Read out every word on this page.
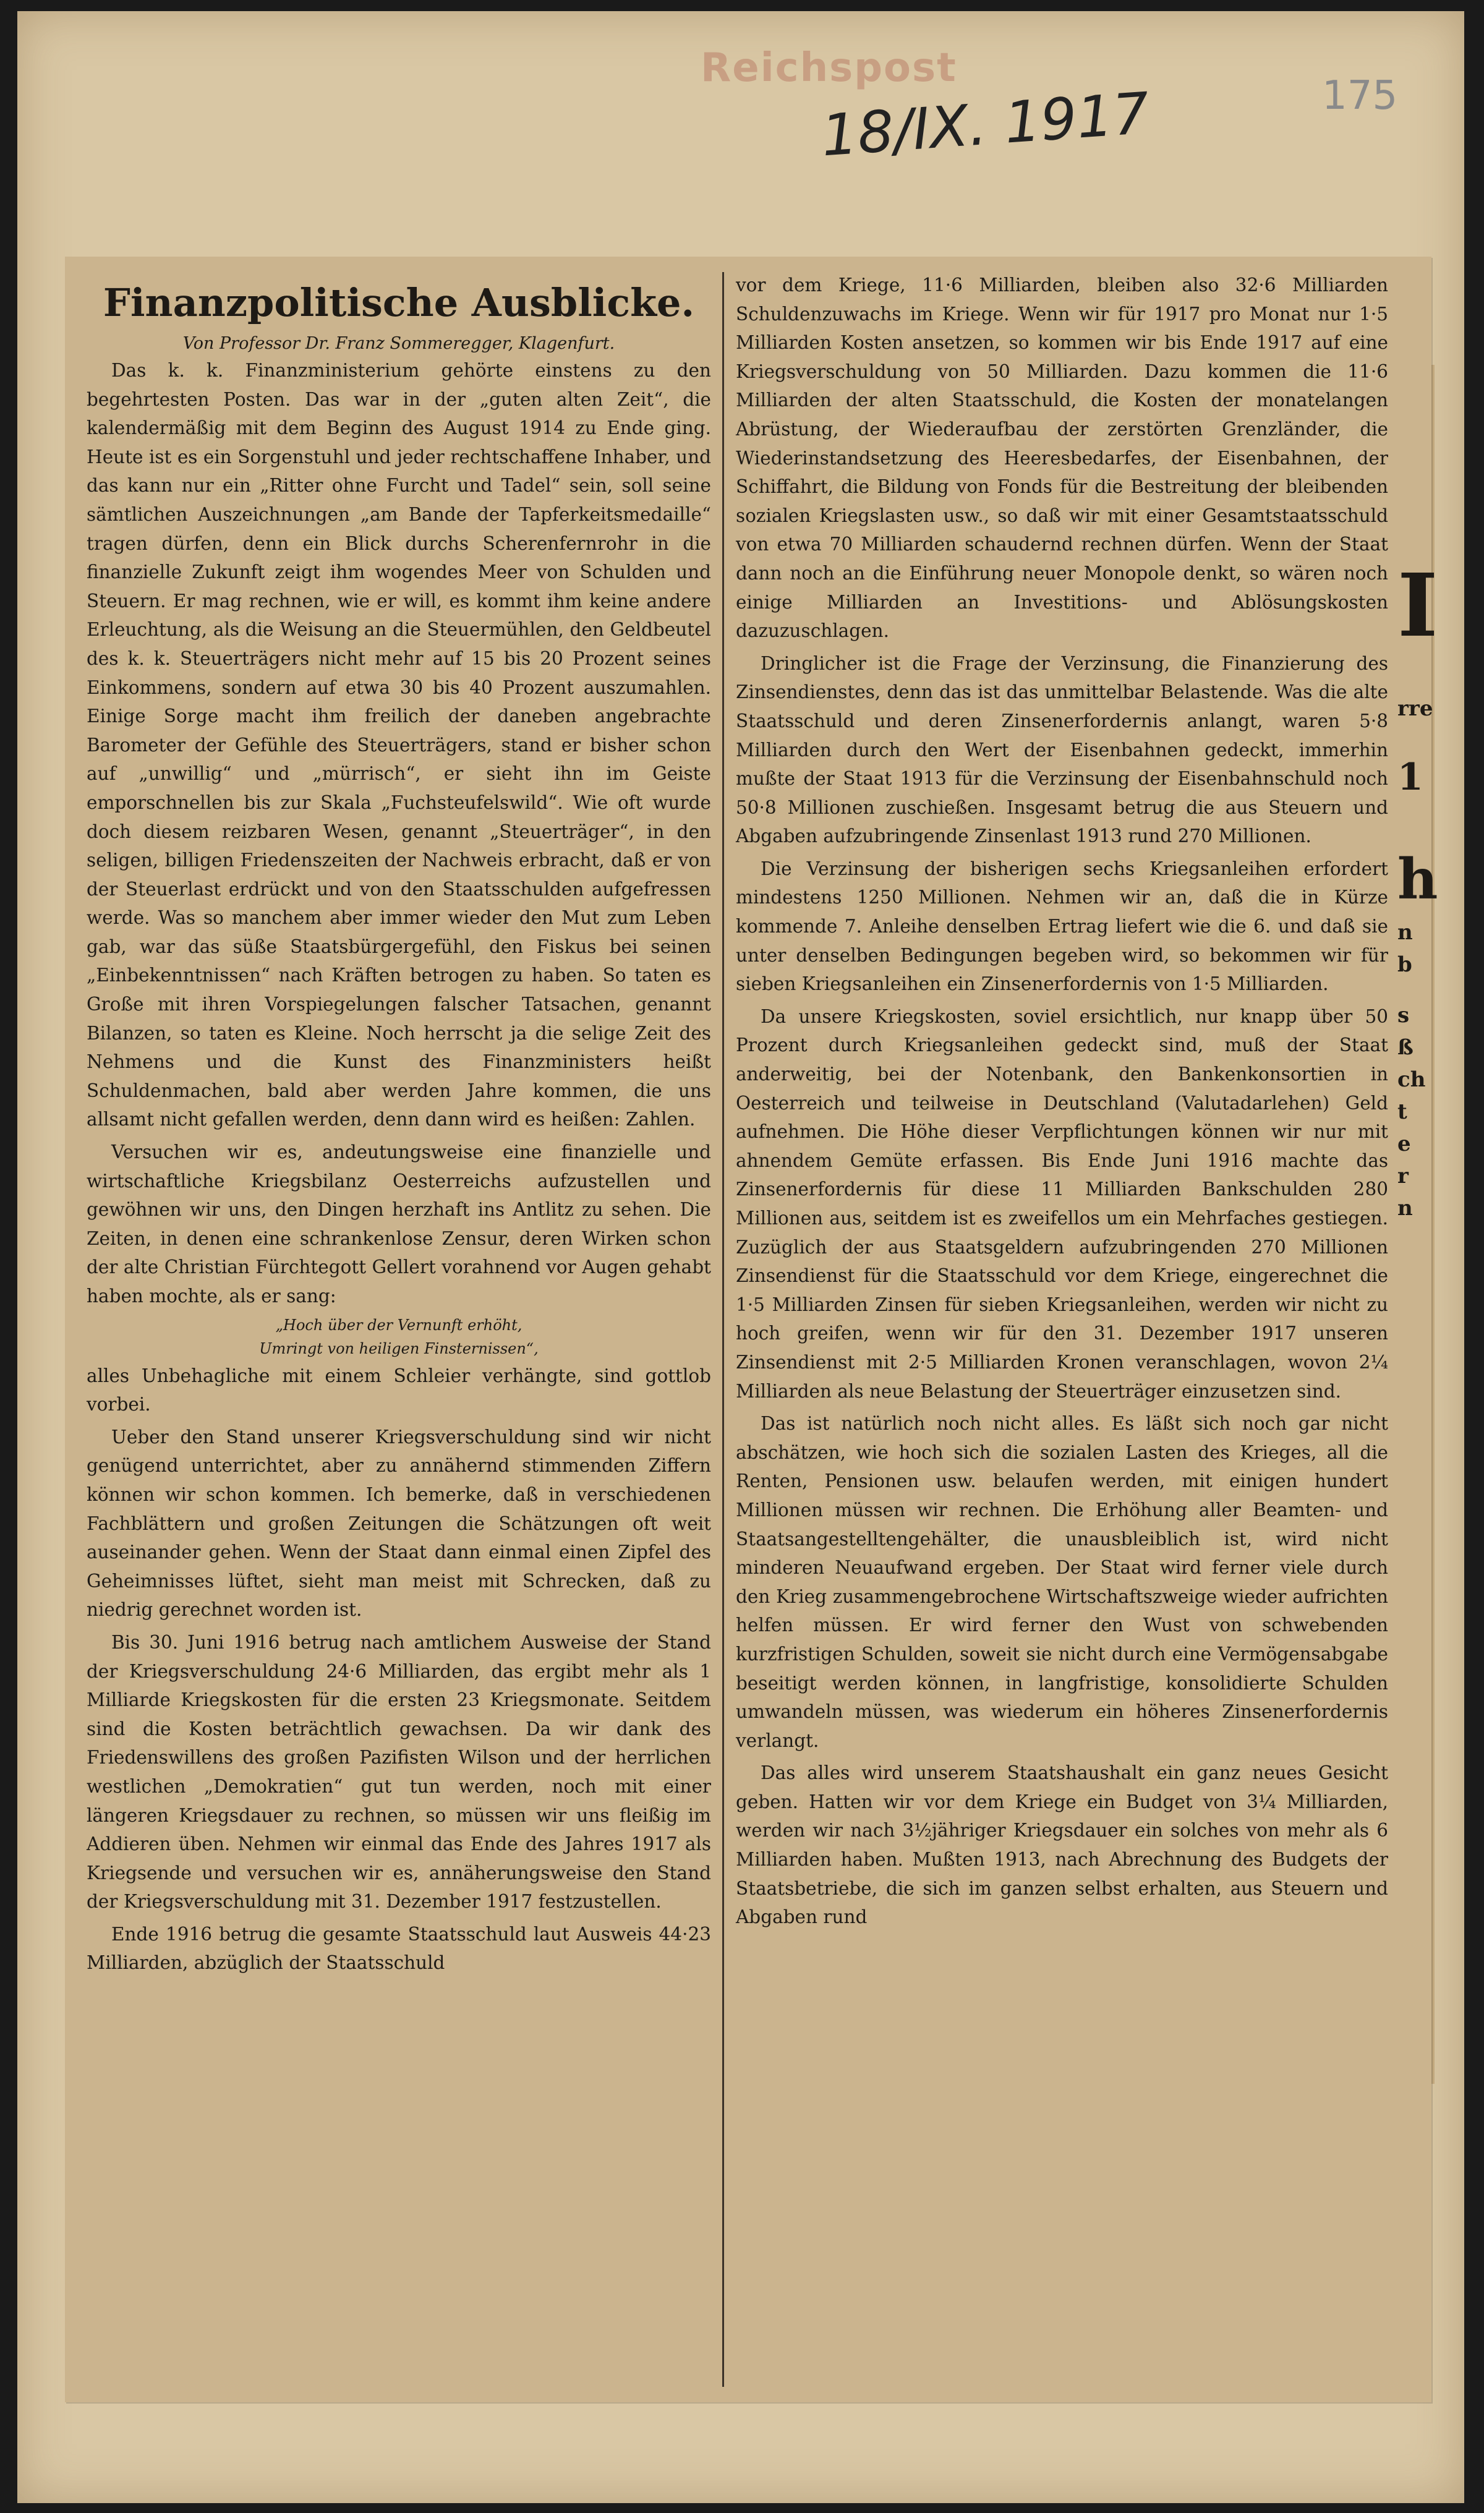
Reichspost
18/IX. 1917	175
Finanzpolitische Ausblicke.
Von Professor Dr. Franz Sommeregger, Klagenfurt.

Das k. k. Finanzministerium gehörte einstens zu den begehrtesten Posten. Das war in der „guten alten Zeit“, die kalendermäßig mit dem Beginn des August 1914 zu Ende ging. Heute ist es ein Sorgenstuhl und jeder rechtschaffene Inhaber, und das kann nur ein „Ritter ohne Furcht und Tadel“ sein, soll seine sämtlichen Auszeichnungen „am Bande der Tapferkeitsmedaille“ tragen dürfen, denn ein Blick durchs Scherenfernrohr in die finanzielle Zukunft zeigt ihm wogendes Meer von Schulden und Steuern. Er mag rechnen, wie er will, es kommt ihm keine andere Erleuchtung, als die Weisung an die Steuermühlen, den Geldbeutel des k. k. Steuerträgers nicht mehr auf 15 bis 20 Prozent seines Einkommens, sondern auf etwa 30 bis 40 Prozent auszumahlen. Einige Sorge macht ihm freilich der daneben angebrachte Barometer der Gefühle des Steuerträgers, stand er bisher schon auf „unwillig“ und „mürrisch“, er sieht ihn im Geiste emporschnellen bis zur Skala „Fuchsteufelswild“. Wie oft wurde doch diesem reizbaren Wesen, genannt „Steuerträger“, in den seligen, billigen Friedenszeiten der Nachweis erbracht, daß er von der Steuerlast erdrückt und von den Staatsschulden aufgefressen werde. Was so manchem aber immer wieder den Mut zum Leben gab, war das süße Staatsbürgergefühl, den Fiskus bei seinen „Einbekenntnissen“ nach Kräften betrogen zu haben. So taten es Große mit ihren Vorspiegelungen falscher Tatsachen, genannt Bilanzen, so taten es Kleine. Noch herrscht ja die selige Zeit des Nehmens und die Kunst des Finanzministers heißt Schuldenmachen, bald aber werden Jahre kommen, die uns allsamt nicht gefallen werden, denn dann wird es heißen: Zahlen.

Versuchen wir es, andeutungsweise eine finanzielle und wirtschaftliche Kriegsbilanz Oesterreichs aufzustellen und gewöhnen wir uns, den Dingen herzhaft ins Antlitz zu sehen. Die Zeiten, in denen eine schrankenlose Zensur, deren Wirken schon der alte Christian Fürchtegott Gellert vorahnend vor Augen gehabt haben mochte, als er sang:

„Hoch über der Vernunft erhöht,
Umringt von heiligen Finsternissen“,

alles Unbehagliche mit einem Schleier verhängte, sind gottlob vorbei.

Ueber den Stand unserer Kriegsverschuldung sind wir nicht genügend unterrichtet, aber zu annähernd stimmenden Ziffern können wir schon kommen. Ich bemerke, daß in verschiedenen Fachblättern und großen Zeitungen die Schätzungen oft weit auseinander gehen. Wenn der Staat dann einmal einen Zipfel des Geheimnisses lüftet, sieht man meist mit Schrecken, daß zu niedrig gerechnet worden ist.

Bis 30. Juni 1916 betrug nach amtlichem Ausweise der Stand der Kriegsverschuldung 24·6 Milliarden, das ergibt mehr als 1 Milliarde Kriegskosten für die ersten 23 Kriegsmonate. Seitdem sind die Kosten beträchtlich gewachsen. Da wir dank des Friedenswillens des großen Pazifisten Wilson und der herrlichen westlichen „Demokratien“ gut tun werden, noch mit einer längeren Kriegsdauer zu rechnen, so müssen wir uns fleißig im Addieren üben. Nehmen wir einmal das Ende des Jahres 1917 als Kriegsende und versuchen wir es, annäherungsweise den Stand der Kriegsverschuldung mit 31. Dezember 1917 festzustellen.

Ende 1916 betrug die gesamte Staatsschuld laut Ausweis 44·23 Milliarden, abzüglich der Staatsschuld

vor dem Kriege, 11·6 Milliarden, bleiben also 32·6 Milliarden Schuldenzuwachs im Kriege. Wenn wir für 1917 pro Monat nur 1·5 Milliarden Kosten ansetzen, so kommen wir bis Ende 1917 auf eine Kriegsverschuldung von 50 Milliarden. Dazu kommen die 11·6 Milliarden der alten Staatsschuld, die Kosten der monatelangen Abrüstung, der Wiederaufbau der zerstörten Grenzländer, die Wiederinstandsetzung des Heeresbedarfes, der Eisenbahnen, der Schiffahrt, die Bildung von Fonds für die Bestreitung der bleibenden sozialen Kriegslasten usw., so daß wir mit einer Gesamtstaatsschuld von etwa 70 Milliarden schaudernd rechnen dürfen. Wenn der Staat dann noch an die Einführung neuer Monopole denkt, so wären noch einige Milliarden an Investitions- und Ablösungskosten dazuzuschlagen.

Dringlicher ist die Frage der Verzinsung, die Finanzierung des Zinsendienstes, denn das ist das unmittelbar Belastende. Was die alte Staatsschuld und deren Zinsenerfordernis anlangt, waren 5·8 Milliarden durch den Wert der Eisenbahnen gedeckt, immerhin mußte der Staat 1913 für die Verzinsung der Eisenbahnschuld noch 50·8 Millionen zuschießen. Insgesamt betrug die aus Steuern und Abgaben aufzubringende Zinsenlast 1913 rund 270 Millionen.

Die Verzinsung der bisherigen sechs Kriegsanleihen erfordert mindestens 1250 Millionen. Nehmen wir an, daß die in Kürze kommende 7. Anleihe denselben Ertrag liefert wie die 6. und daß sie unter denselben Bedingungen begeben wird, so bekommen wir für sieben Kriegsanleihen ein Zinsenerfordernis von 1·5 Milliarden.

Da unsere Kriegskosten, soviel ersichtlich, nur knapp über 50 Prozent durch Kriegsanleihen gedeckt sind, muß der Staat anderweitig, bei der Notenbank, den Bankenkonsortien in Oesterreich und teilweise in Deutschland (Valutadarlehen) Geld aufnehmen. Die Höhe dieser Verpflichtungen können wir nur mit ahnendem Gemüte erfassen. Bis Ende Juni 1916 machte das Zinsenerfordernis für diese 11 Milliarden Bankschulden 280 Millionen aus, seitdem ist es zweifellos um ein Mehrfaches gestiegen. Zuzüglich der aus Staatsgeldern aufzubringenden 270 Millionen Zinsendienst für die Staatsschuld vor dem Kriege, eingerechnet die 1·5 Milliarden Zinsen für sieben Kriegsanleihen, werden wir nicht zu hoch greifen, wenn wir für den 31. Dezember 1917 unseren Zinsendienst mit 2·5 Milliarden Kronen veranschlagen, wovon 2¼ Milliarden als neue Belastung der Steuerträger einzusetzen sind.

Das ist natürlich noch nicht alles. Es läßt sich noch gar nicht abschätzen, wie hoch sich die sozialen Lasten des Krieges, all die Renten, Pensionen usw. belaufen werden, mit einigen hundert Millionen müssen wir rechnen. Die Erhöhung aller Beamten- und Staatsangestelltengehälter, die unausbleiblich ist, wird nicht minderen Neuaufwand ergeben. Der Staat wird ferner viele durch den Krieg zusammengebrochene Wirtschaftszweige wieder aufrichten helfen müssen. Er wird ferner den Wust von schwebenden kurzfristigen Schulden, soweit sie nicht durch eine Vermögensabgabe beseitigt werden können, in langfristige, konsolidierte Schulden umwandeln müssen, was wiederum ein höheres Zinsenerfordernis verlangt.

Das alles wird unserem Staatshaushalt ein ganz neues Gesicht geben. Hatten wir vor dem Kriege ein Budget von 3¼ Milliarden, werden wir nach 3½jähriger Kriegsdauer ein solches von mehr als 6 Milliarden haben. Mußten 1913, nach Abrechnung des Budgets der Staatsbetriebe, die sich im ganzen selbst erhalten, aus Steuern und Abgaben rund

I
rre
1
h
n
b
s
ß
ch
t
e
r
n
